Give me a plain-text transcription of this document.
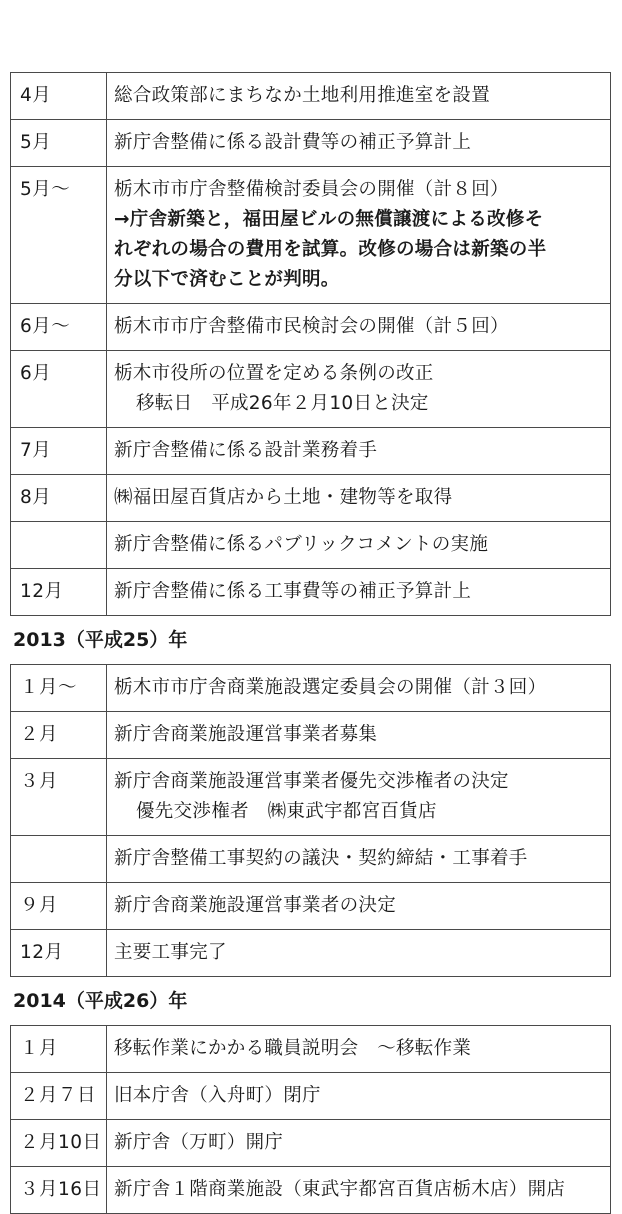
4月	総合政策部にまちなか土地利用推進室を設置

5月	新庁舎整備に係る設計費等の補正予算計上

5月～	栃木市市庁舎整備検討委員会の開催（計８回）
→庁舎新築と，福田屋ビルの無償譲渡による改修そ
れぞれの場合の費用を試算。改修の場合は新築の半
分以下で済むことが判明。

6月～	栃木市市庁舎整備市民検討会の開催（計５回）

6月	栃木市役所の位置を定める条例の改正
移転日　平成26年２月10日と決定

7月	新庁舎整備に係る設計業務着手

8月	㈱福田屋百貨店から土地・建物等を取得

	新庁舎整備に係るパブリックコメントの実施

12月	新庁舎整備に係る工事費等の補正予算計上
2013（平成25）年
１月～	栃木市市庁舎商業施設選定委員会の開催（計３回）

２月	新庁舎商業施設運営事業者募集

３月	新庁舎商業施設運営事業者優先交渉権者の決定
優先交渉権者　㈱東武宇都宮百貨店

	新庁舎整備工事契約の議決・契約締結・工事着手

９月	新庁舎商業施設運営事業者の決定

12月	主要工事完了
2014（平成26）年
１月	移転作業にかかる職員説明会　～移転作業

２月７日	旧本庁舎（入舟町）閉庁

２月10日	新庁舎（万町）開庁

３月16日	新庁舎１階商業施設（東武宇都宮百貨店栃木店）開店
